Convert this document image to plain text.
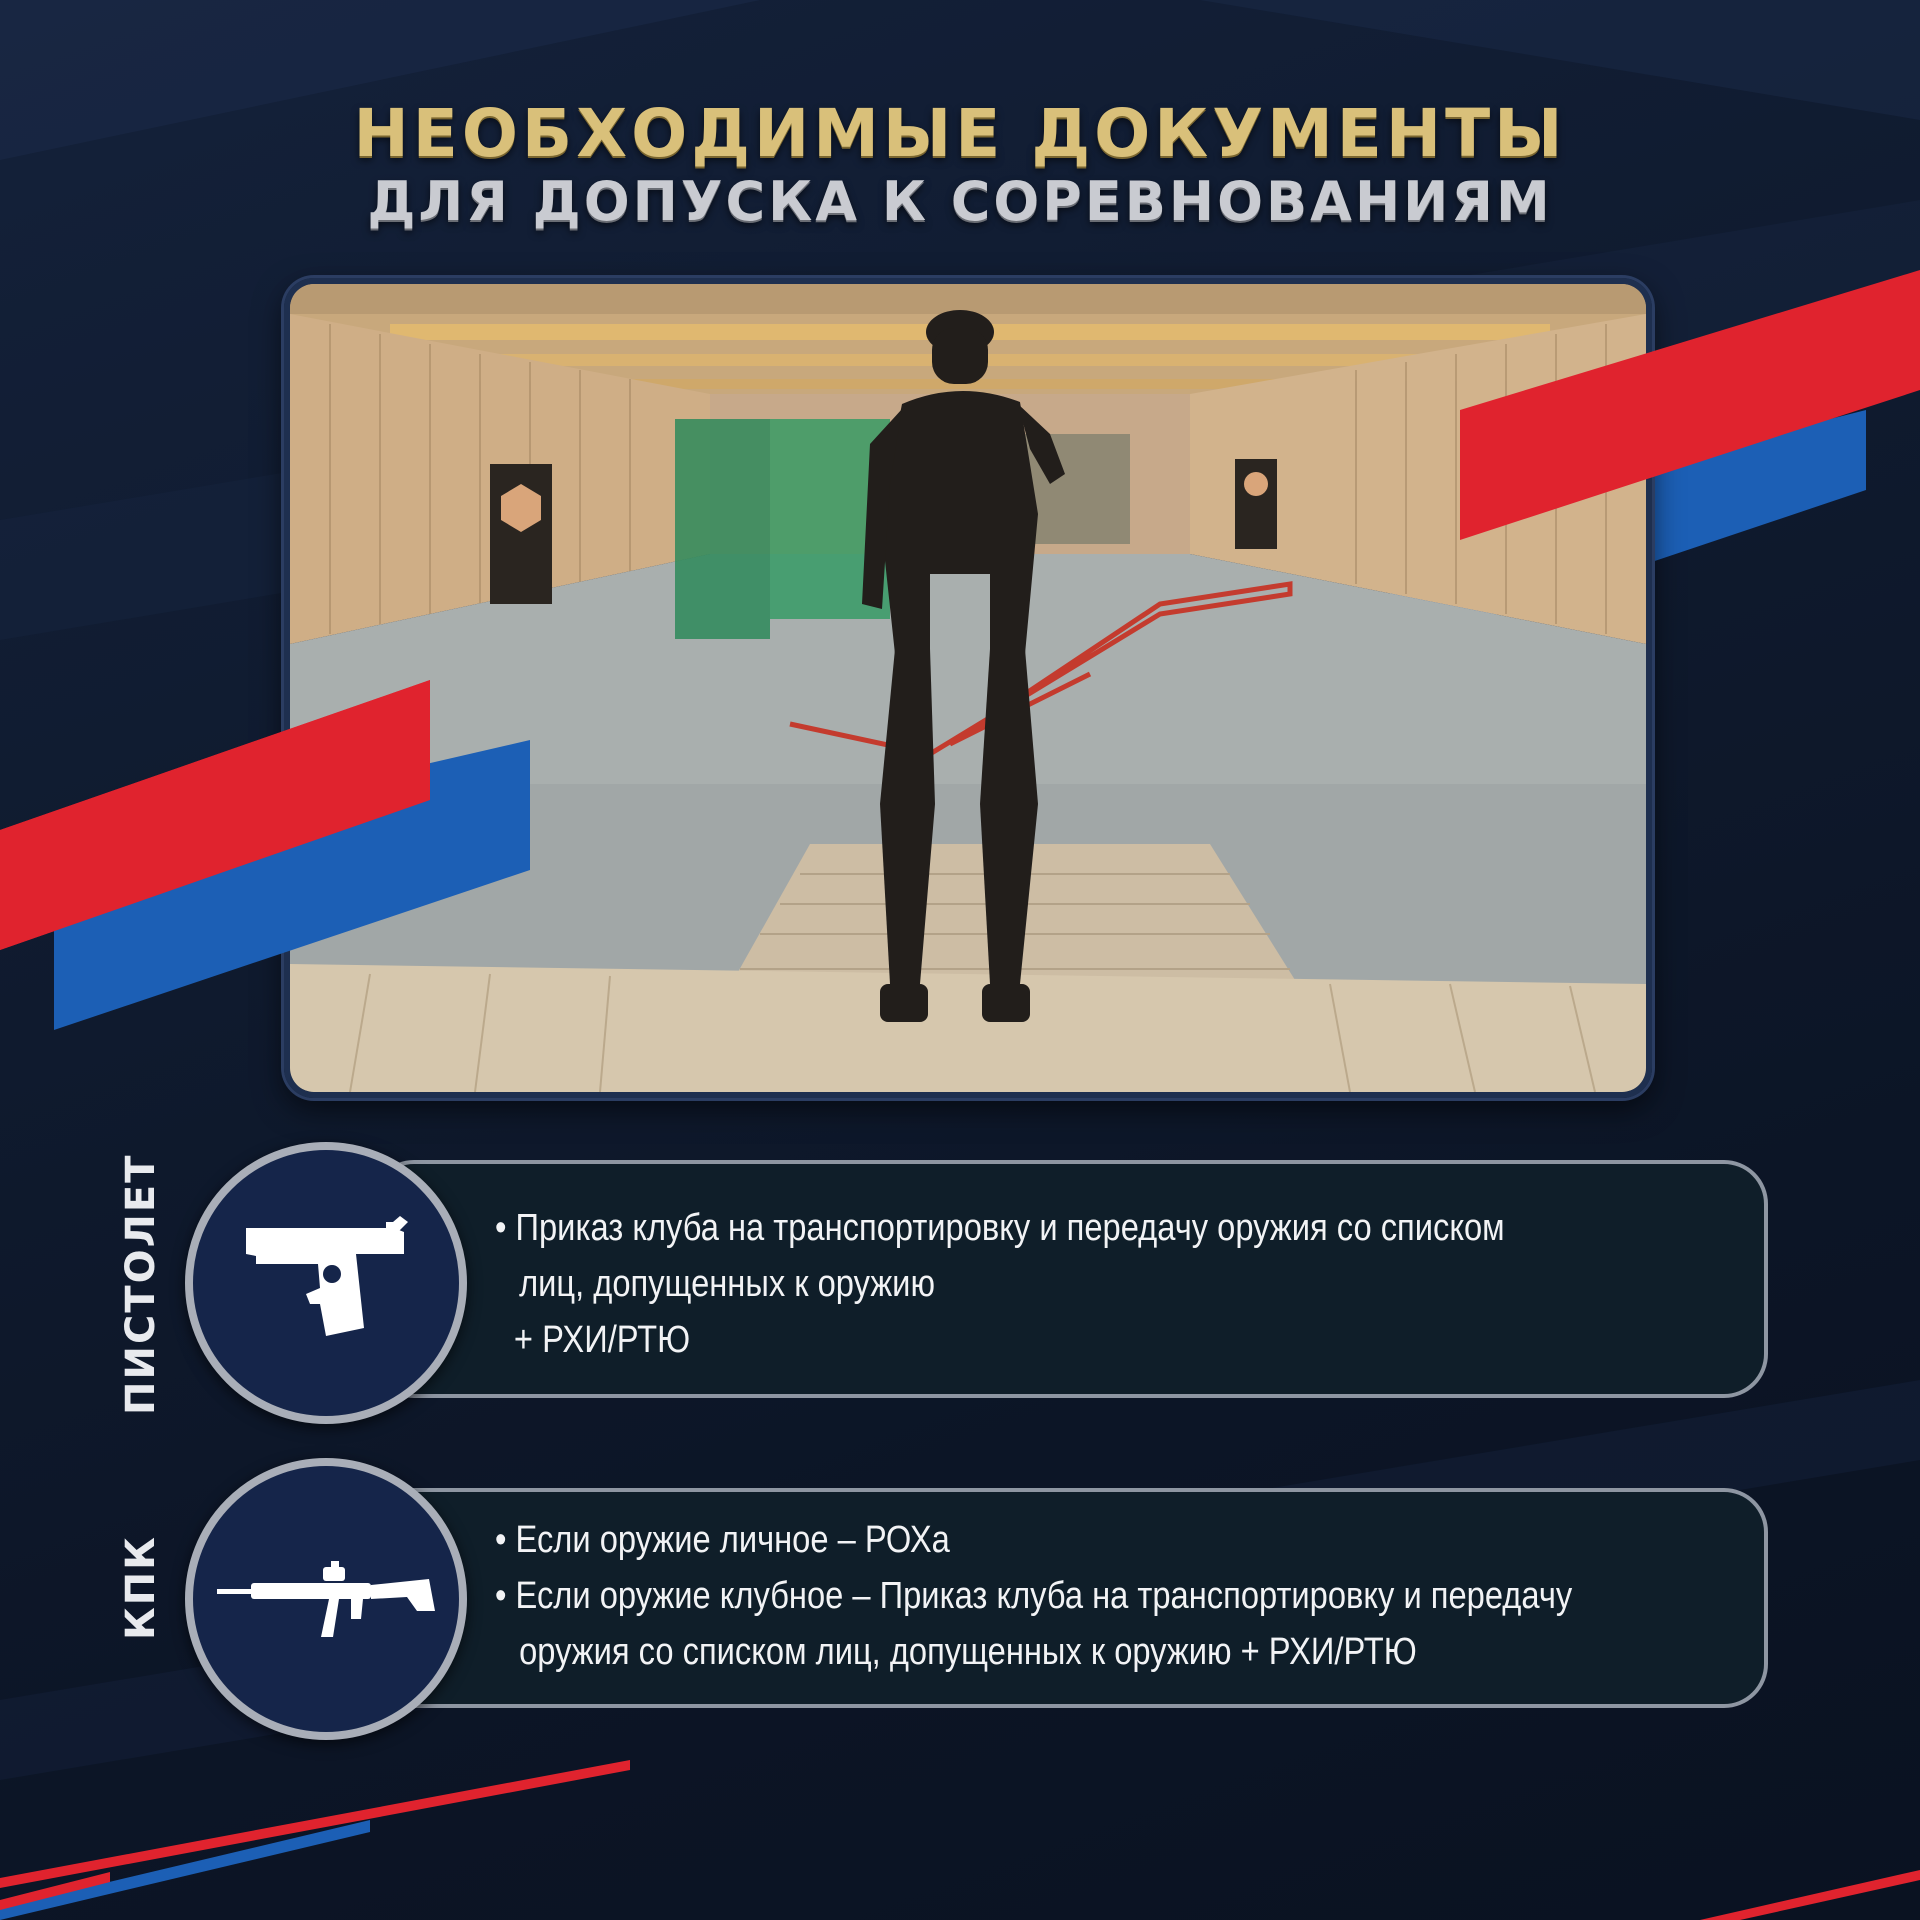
НЕОБХОДИМЫЕ ДОКУМЕНТЫ
ДЛЯ ДОПУСКА К СОРЕВНОВАНИЯМ
ПИСТОЛЕТ	• Приказ клуба на транспортировку и передачу оружия со списком
лиц, допущенных к оружию
+ РХИ/РТЮ
КПК	• Если оружие личное – РОХа
• Если оружие клубное – Приказ клуба на транспортировку и передачу
оружия со списком лиц, допущенных к оружию + РХИ/РТЮ
